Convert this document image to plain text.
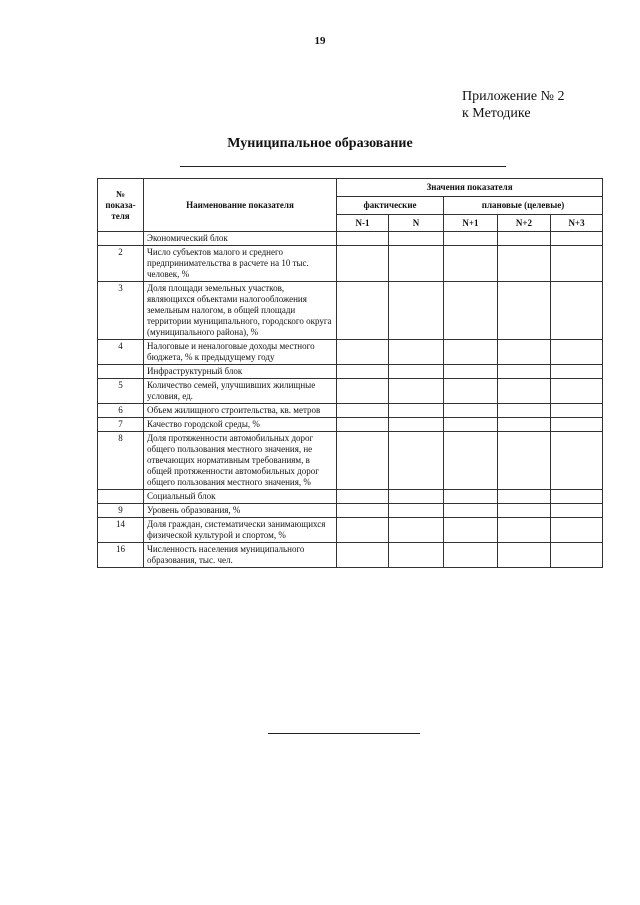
19
Приложение № 2
к Методике
Муниципальное образование
№ показа-теля	Наименование показателя	Значения показателя				
		фактические		плановые (целевые)		
		N-1	N	N+1	N+2	N+3
	Экономический блок					
2	Число субъектов малого и среднего предпринимательства в расчете на 10 тыс. человек, %					
3	Доля площади земельных участков, являющихся объектами налогообложения земельным налогом, в общей площади территории муниципального, городского округа (муниципального района), %					
4	Налоговые и неналоговые доходы местного бюджета, % к предыдущему году					
	Инфраструктурный блок					
5	Количество семей, улучшивших жилищные условия, ед.					
6	Объем жилищного строительства, кв. метров					
7	Качество городской среды, %					
8	Доля протяженности автомобильных дорог общего пользования местного значения, не отвечающих нормативным требованиям, в общей протяженности автомобильных дорог общего пользования местного значения, %					
	Социальный блок					
9	Уровень образования, %					
14	Доля граждан, систематически занимающихся физической культурой и спортом, %					
16	Численность населения муниципального образования, тыс. чел.					
